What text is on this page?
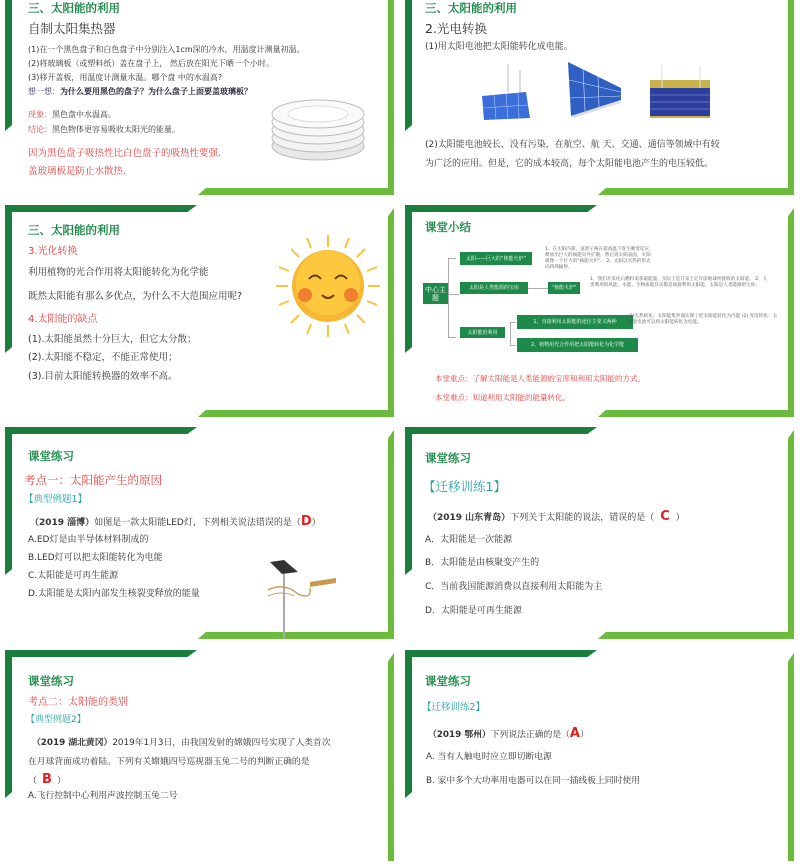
三、太阳能的利用
自制太阳集热器
(1)在一个黑色盘子和白色盘子中分别注入1cm深的冷水，用温度计测量初温。
(2)将玻璃板（或塑料纸）盖在盘子上， 然后放在阳光下晒一个小时。
(3)移开盖板，用温度计测量水温。哪个盘 中的水温高?
想一想：为什么要用黑色的盘子？为什么盘子上面要盖玻璃板？
现象：黑色盘中水温高。
结论：黑色物体更容易吸收太阳光的能量。
因为黑色盘子吸热性比白色盘子的吸热性要强.
盖玻璃板是防止水散热.
三、太阳能的利用
2.光电转换
(1)用太阳电池把太阳能转化成电能。
(2)太阳能电池较长、没有污染，在航空、航 天、交通、通信等领域中有较
为广泛的应用。但是，它的成本较高，每个太阳能电池产生的电压较低。
三、太阳能的利用
3.光化转换
利用植物的光合作用将太阳能转化为化学能
既然太阳能有那么多优点，为什么不大范围应用呢?
4.太阳能的缺点
(1).太阳能虽然十分巨大，但它太分散；
(2).太阳能不稳定，不能正常使用；
(3).目前太阳能转换器的效率不高。
课堂小结
中心主题
太阳——巨大的“核能火炉”
1、在太阳内部，氢原子核在超高温下发生聚变反应，释放出巨大的核能向外扩散，然后到太阳表面，太阳就像一个巨大的“核能火炉”。 2、太阳以光热的形式向四周辐射。
太阳是人类能源的宝库	“核能火炉”
1、我们开采化石燃料来获取能量，实际上是开采上亿年前地球所接收的太阳能。 2、人类利用的风能、水能、生物质能其实都是间接利用太阳能，太阳是人类能源的宝库。
太阳能的利用
1、直接利用太阳能的途径主要又两种
(1)光热转化：太阳能集热器实现了把太阳能转化为内能 (2) 光电转化：太阳能电池可以将太阳能转化为电能。
2、植物用光合作用把太阳能转化为化学能
本堂重点：了解太阳能是人类能源的宝库和利用太阳能的方式。
本堂难点：知道利用太阳能的能量转化。
课堂练习
考点一：太阳能产生的原因
【典型例题1】
（2019 淄博）如图是一款太阳能LED灯，下列相关说法错误的是（D）
A.ED灯是由半导体材料制成的
B.LED灯可以把太阳能转化为电能
C.太阳能是可再生能源
D.太阳能是太阳内部发生核裂变释放的能量
课堂练习
【迁移训练1】
（2019 山东青岛）下列关于太阳能的说法，错误的是（ C ）
A．太阳能是一次能源
B．太阳能是由核聚变产生的
C．当前我国能源消费以直接利用太阳能为主
D．太阳能是可再生能源
课堂练习
考点二：太阳能的类别
【典型例题2】
（2019 湖北黄冈）2019年1月3日，由我国发射的嫦娥四号实现了人类首次
在月球背面成功着陆。下列有关嫦娥四号巡视器玉兔二号的判断正确的是
（ B ）
A.飞行控制中心利用声波控制玉兔二号
课堂练习
【迁移训练2】
（2019 鄂州）下列说法正确的是（A）
A. 当有人触电时应立即切断电源
B. 家中多个大功率用电器可以在同一插线板上同时使用
